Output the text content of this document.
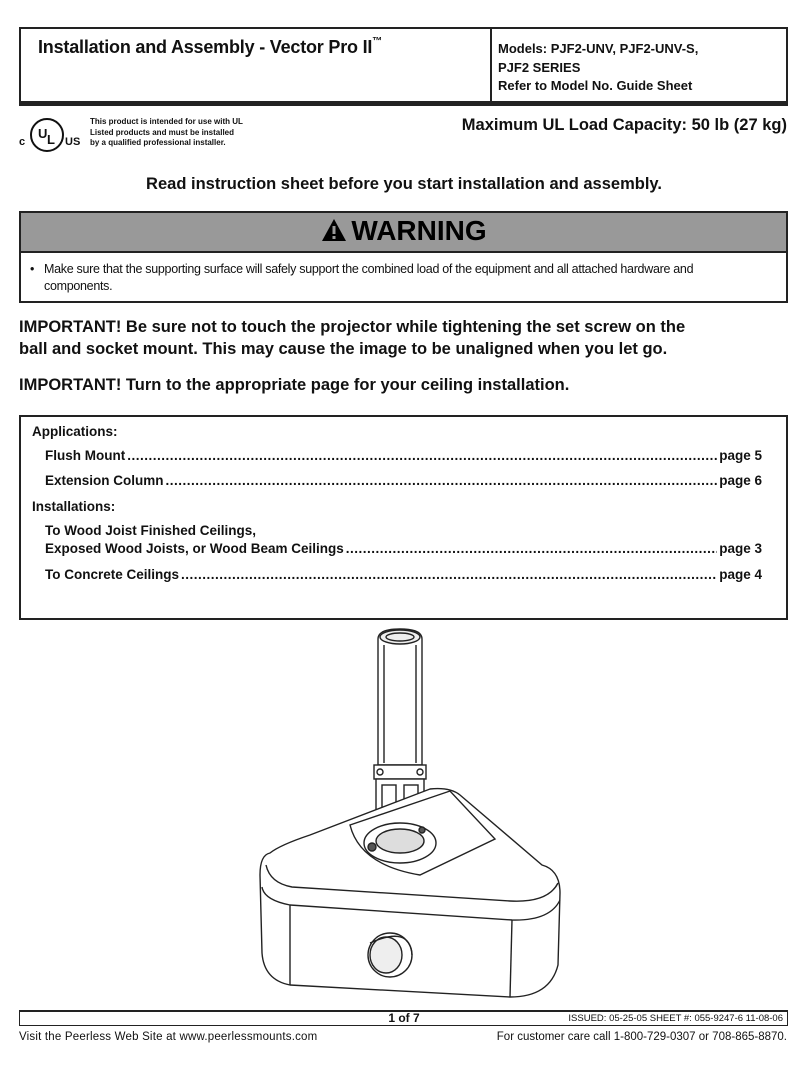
Installation and Assembly - Vector Pro II™	Models: PJF2-UNV, PJF2-UNV-S,
PJF2 SERIES
Refer to Model No. Guide Sheet
c
U L US
This product is intended for use with UL
Listed products and must be installed
by a qualified professional installer.
Maximum UL Load Capacity: 50 lb (27 kg)
Read instruction sheet before you start installation and assembly.
WARNING
• Make sure that the supporting surface will safely support the combined load of the equipment and all attached hardware and
components.
IMPORTANT! Be sure not to touch the projector while tightening the set screw on the
ball and socket mount. This may cause the image to be unaligned when you let go.
IMPORTANT! Turn to the appropriate page for your ceiling installation.
Applications:
Flush Mount .....	page 5
Extension Column .....	page 6
Installations:
To Wood Joist Finished Ceilings,
Exposed Wood Joists, or Wood Beam Ceilings .....	page 3
To Concrete Ceilings .....	page 4
1 of 7	ISSUED: 05-25-05 SHEET #: 055-9247-6 11-08-06
Visit the Peerless Web Site at www.peerlessmounts.com	For customer care call 1-800-729-0307 or 708-865-8870.
